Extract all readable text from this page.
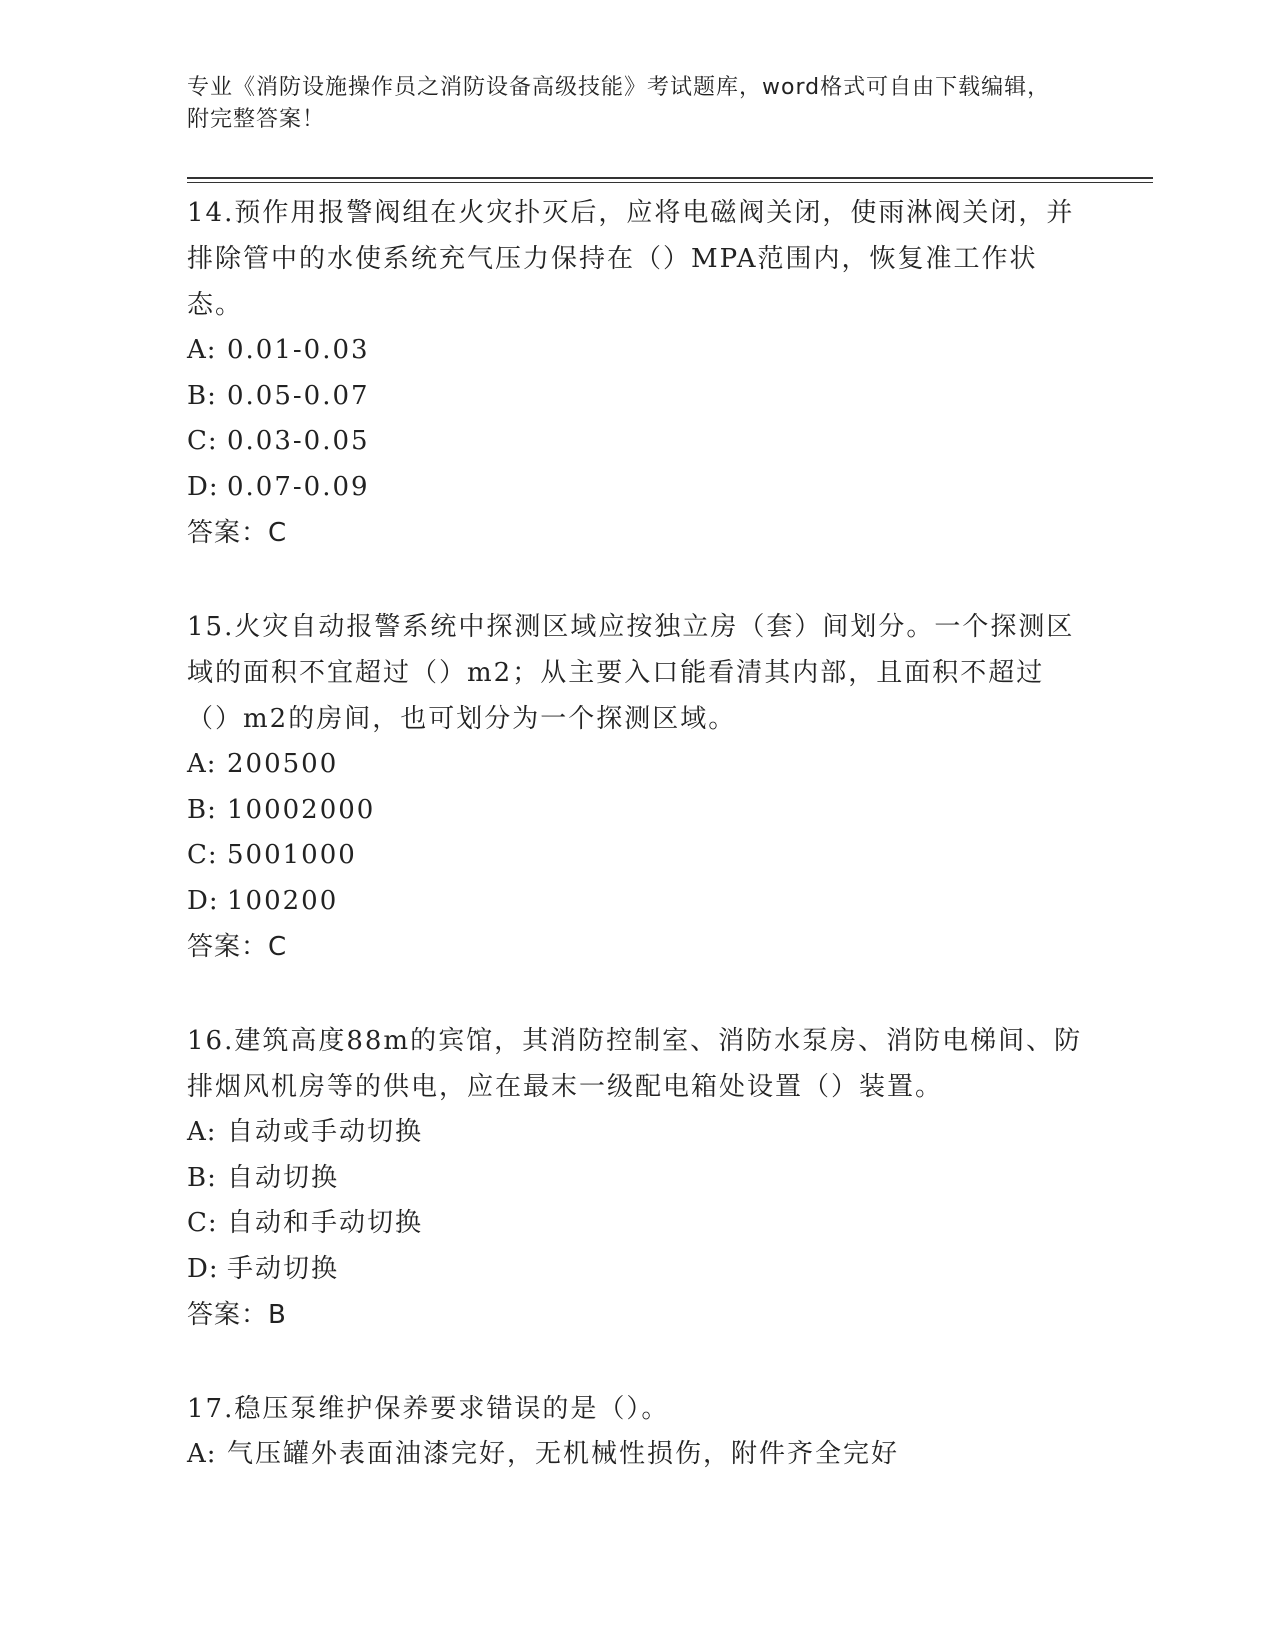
专业《消防设施操作员之消防设备高级技能》考试题库，word格式可自由下载编辑，附完整答案！

14.预作用报警阀组在火灾扑灭后，应将电磁阀关闭，使雨淋阀关闭，并排除管中的水使系统充气压力保持在（）MPA范围内，恢复准工作状态。

A: 0.01-0.03
B: 0.05-0.07
C: 0.03-0.05
D: 0.07-0.09
答案：C

15.火灾自动报警系统中探测区域应按独立房（套）间划分。一个探测区域的面积不宜超过（）m2；从主要入口能看清其内部，且面积不超过（）m2的房间，也可划分为一个探测区域。

A: 200500
B: 10002000
C: 5001000
D: 100200
答案：C

16.建筑高度88m的宾馆，其消防控制室、消防水泵房、消防电梯间、防排烟风机房等的供电，应在最末一级配电箱处设置（）装置。

A: 自动或手动切换
B: 自动切换
C: 自动和手动切换
D: 手动切换
答案：B

17.稳压泵维护保养要求错误的是（）。

A: 气压罐外表面油漆完好，无机械性损伤，附件齐全完好
